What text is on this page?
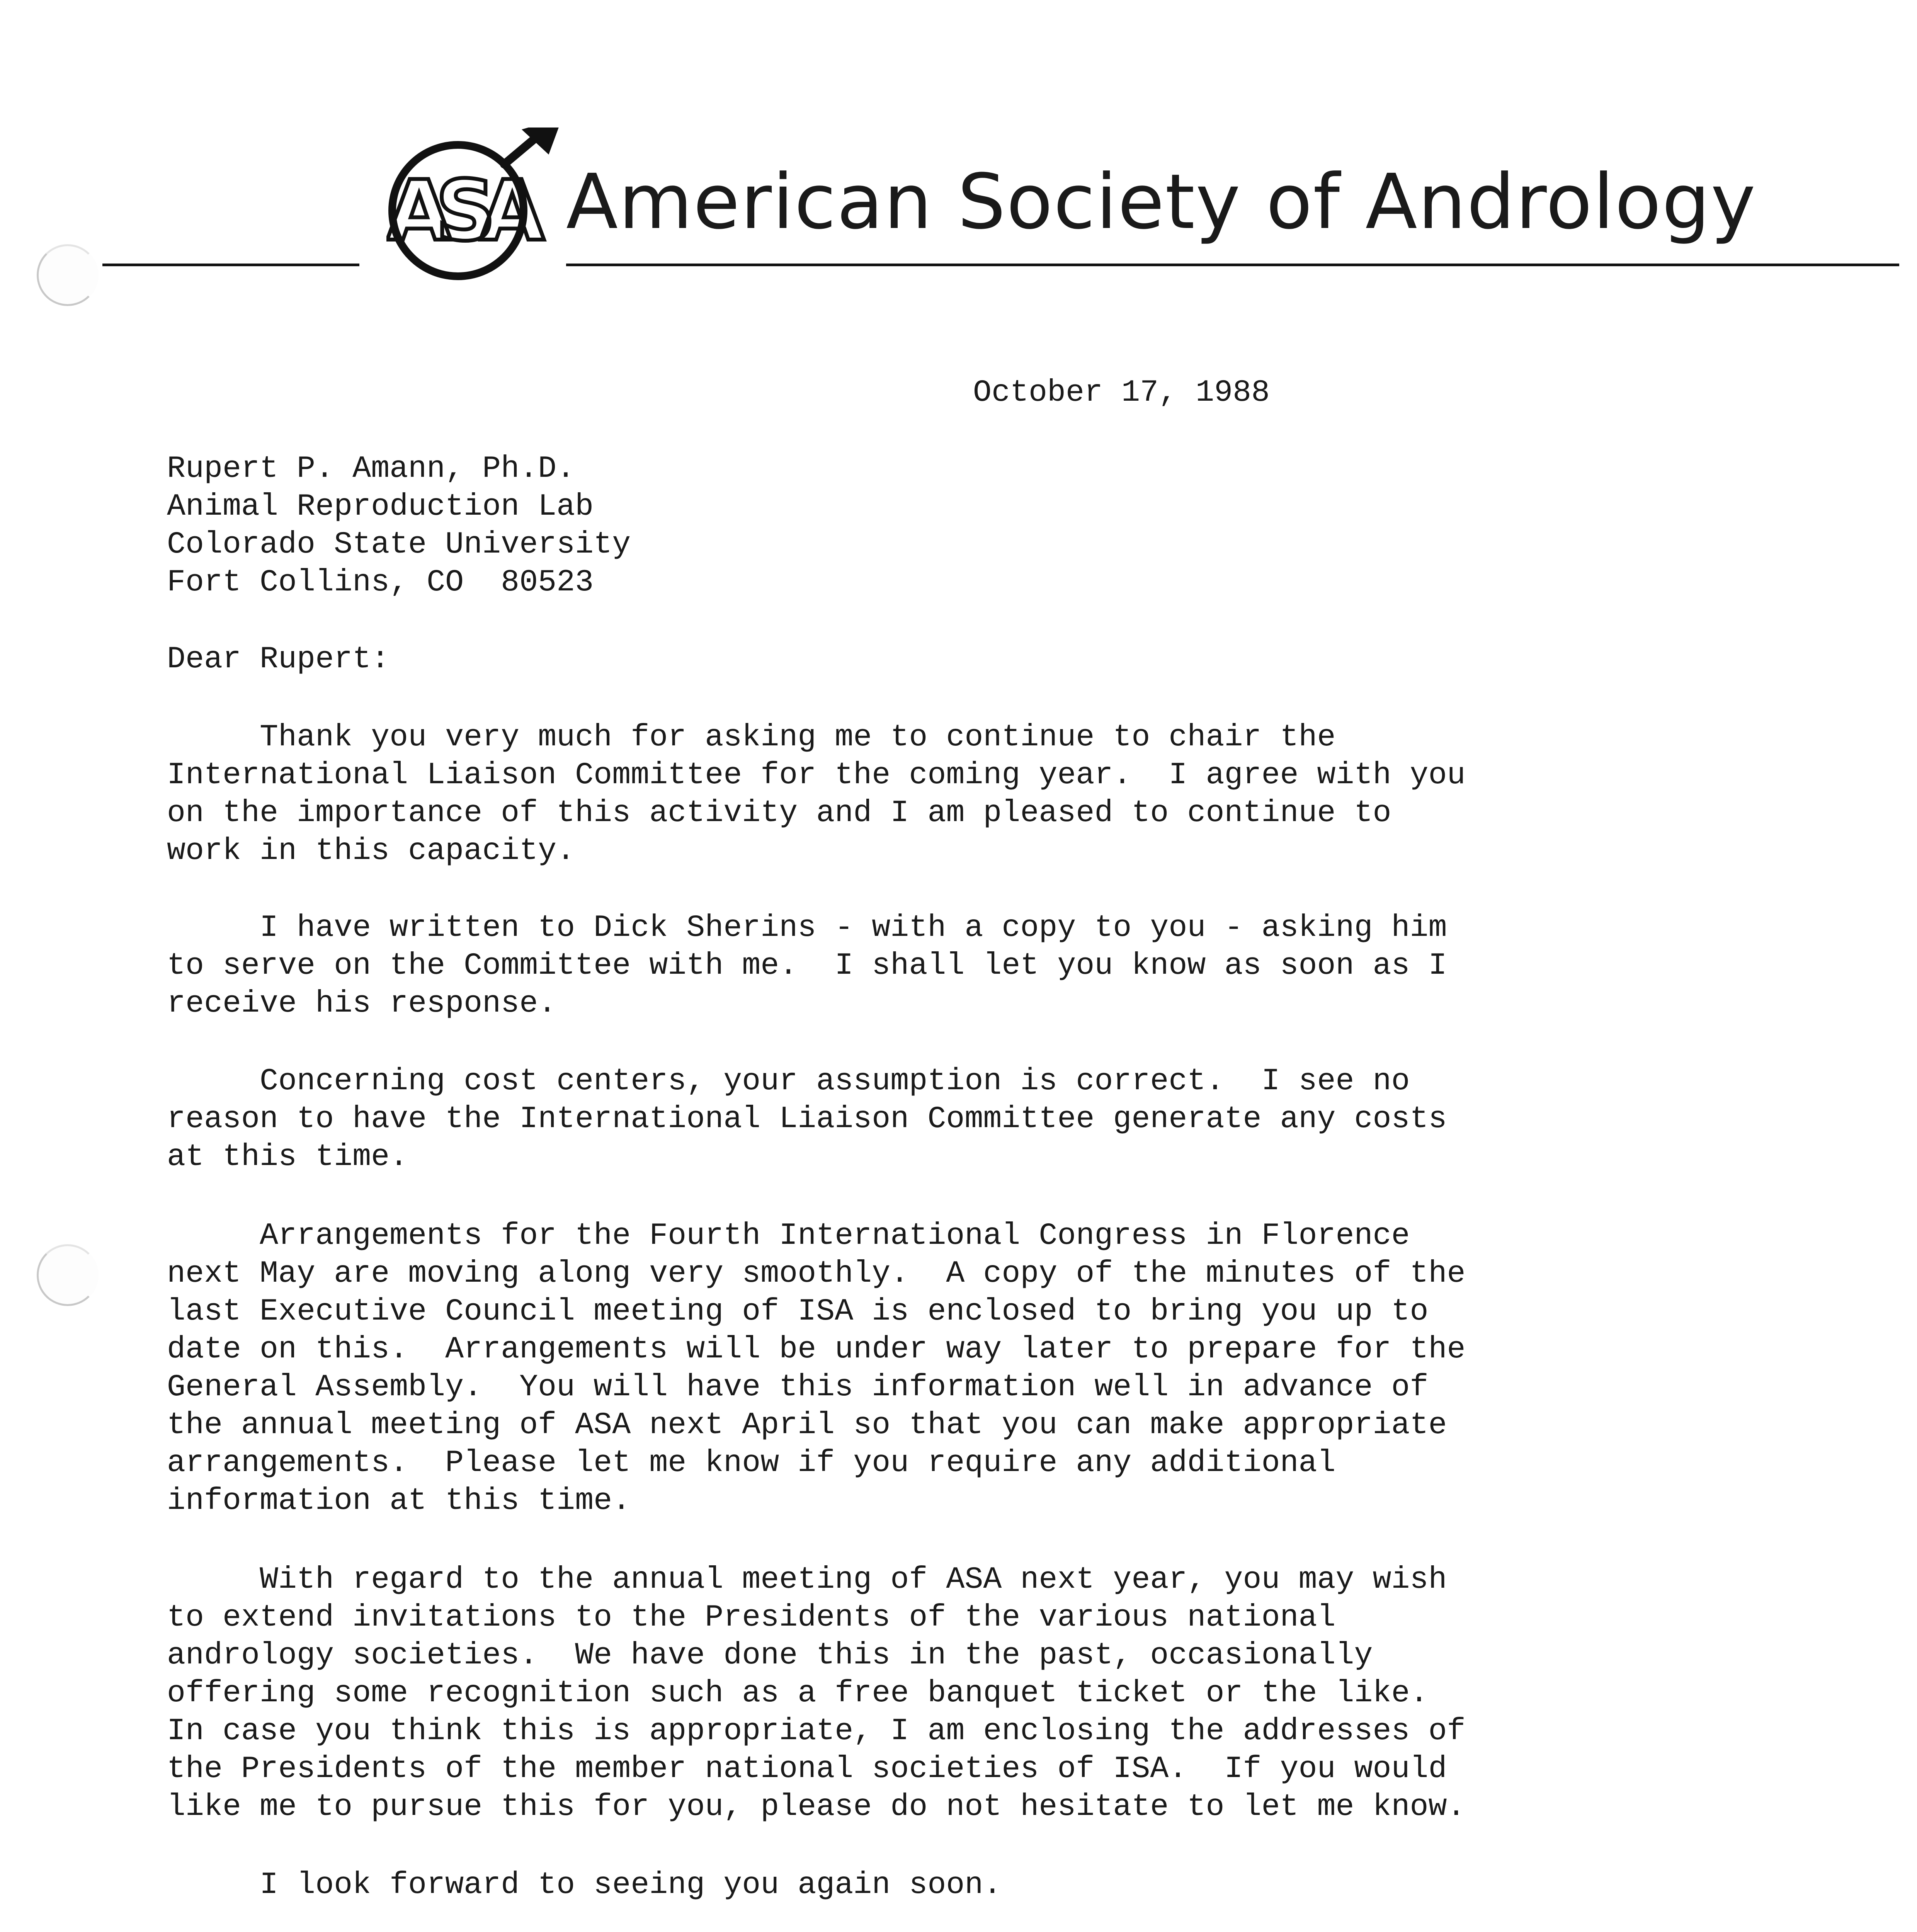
ASA American Society of Andrology
October 17, 1988
Rupert P. Amann, Ph.D.
Animal Reproduction Lab
Colorado State University
Fort Collins, CO  80523
Dear Rupert:
Thank you very much for asking me to continue to chair the
International Liaison Committee for the coming year.  I agree with you
on the importance of this activity and I am pleased to continue to
work in this capacity.
I have written to Dick Sherins - with a copy to you - asking him
to serve on the Committee with me.  I shall let you know as soon as I
receive his response.
Concerning cost centers, your assumption is correct.  I see no
reason to have the International Liaison Committee generate any costs
at this time.
Arrangements for the Fourth International Congress in Florence
next May are moving along very smoothly.  A copy of the minutes of the
last Executive Council meeting of ISA is enclosed to bring you up to
date on this.  Arrangements will be under way later to prepare for the
General Assembly.  You will have this information well in advance of
the annual meeting of ASA next April so that you can make appropriate
arrangements.  Please let me know if you require any additional
information at this time.
With regard to the annual meeting of ASA next year, you may wish
to extend invitations to the Presidents of the various national
andrology societies.  We have done this in the past, occasionally
offering some recognition such as a free banquet ticket or the like.
In case you think this is appropriate, I am enclosing the addresses of
the Presidents of the member national societies of ISA.  If you would
like me to pursue this for you, please do not hesitate to let me know.
I look forward to seeing you again soon.
